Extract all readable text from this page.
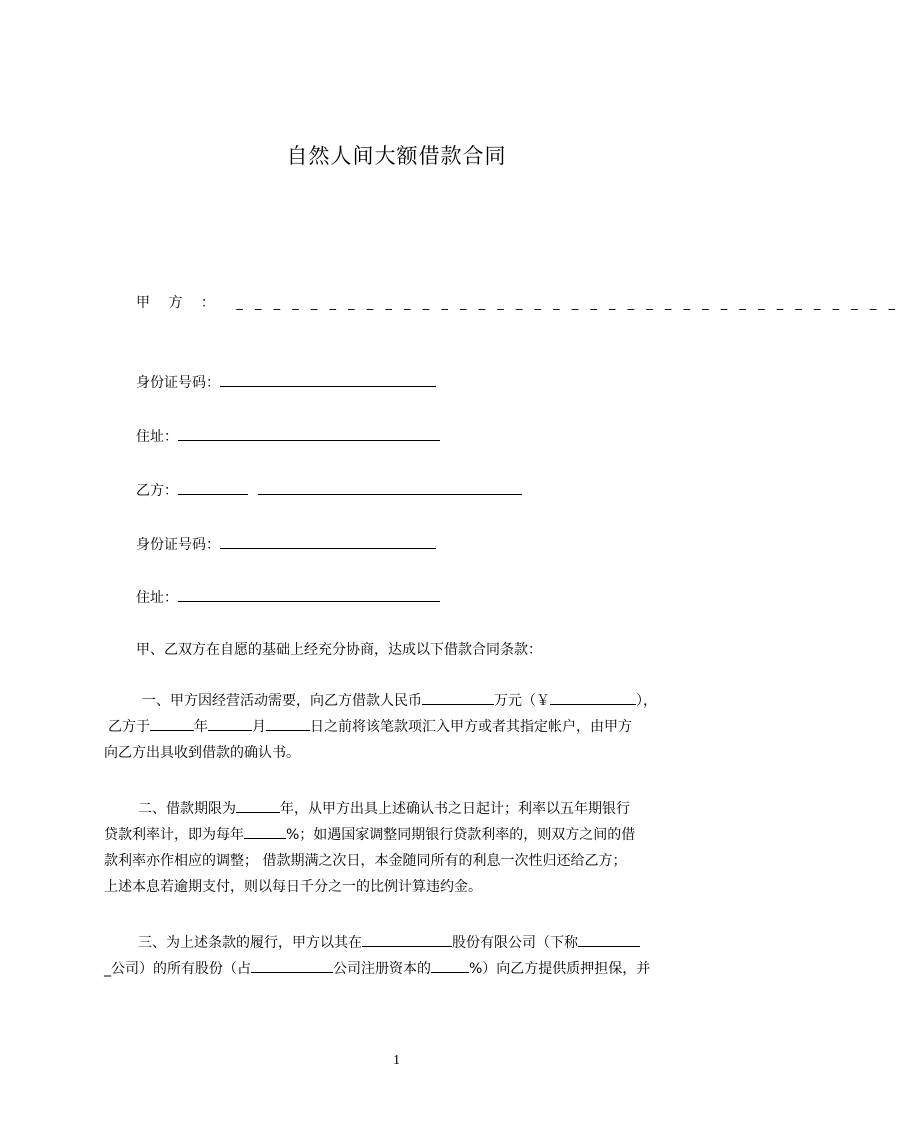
自然人间大额借款合同
甲 方 ： _ _ _ _ _ _ _ _ _ _ _ _ _ _ _ _ _ _ _ _ _ _ _ _ _ _ _ _ _ _ _ _ _ _ _ _
身份证号码：
住址：
乙方：
身份证号码：
住址：
甲、乙双方在自愿的基础上经充分协商，达成以下借款合同条款：
一、甲方因经营活动需要，向乙方借款人民币	万元（￥	），
乙方于	年	月	日之前将该笔款项汇入甲方或者其指定帐户，由甲方
向乙方出具收到借款的确认书。
二、借款期限为	年，从甲方出具上述确认书之日起计；利率以五年期银行
贷款利率计，即为每年	%；如遇国家调整同期银行贷款利率的，则双方之间的借
款利率亦作相应的调整； 借款期满之次日，本金随同所有的利息一次性归还给乙方；
上述本息若逾期支付，则以每日千分之一的比例计算违约金。
三、为上述条款的履行，甲方以其在	股份有限公司（下称
_公司）的所有股份（占	公司注册资本的	%）向乙方提供质押担保，并
1
